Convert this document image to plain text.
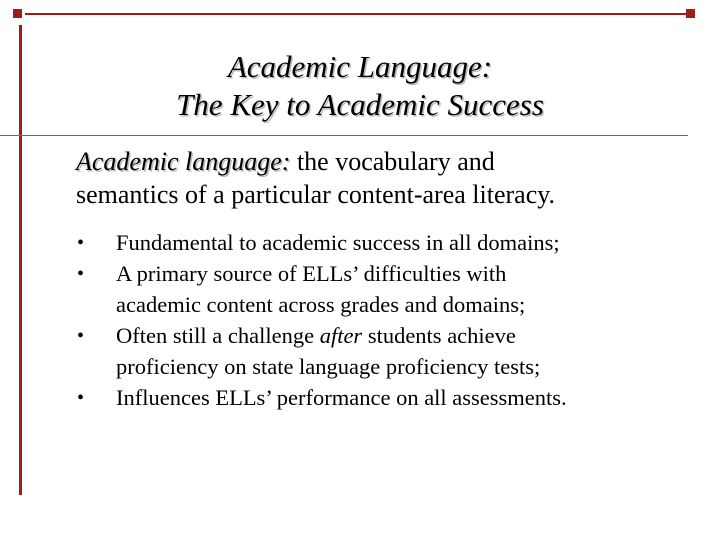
Academic Language:
The Key to Academic Success
Academic language: the vocabulary and
semantics of a particular content-area literacy.
• Fundamental to academic success in all domains;
• A primary source of ELLs’ difficulties with
academic content across grades and domains;
• Often still a challenge after students achieve
proficiency on state language proficiency tests;
• Influences ELLs’ performance on all assessments.
